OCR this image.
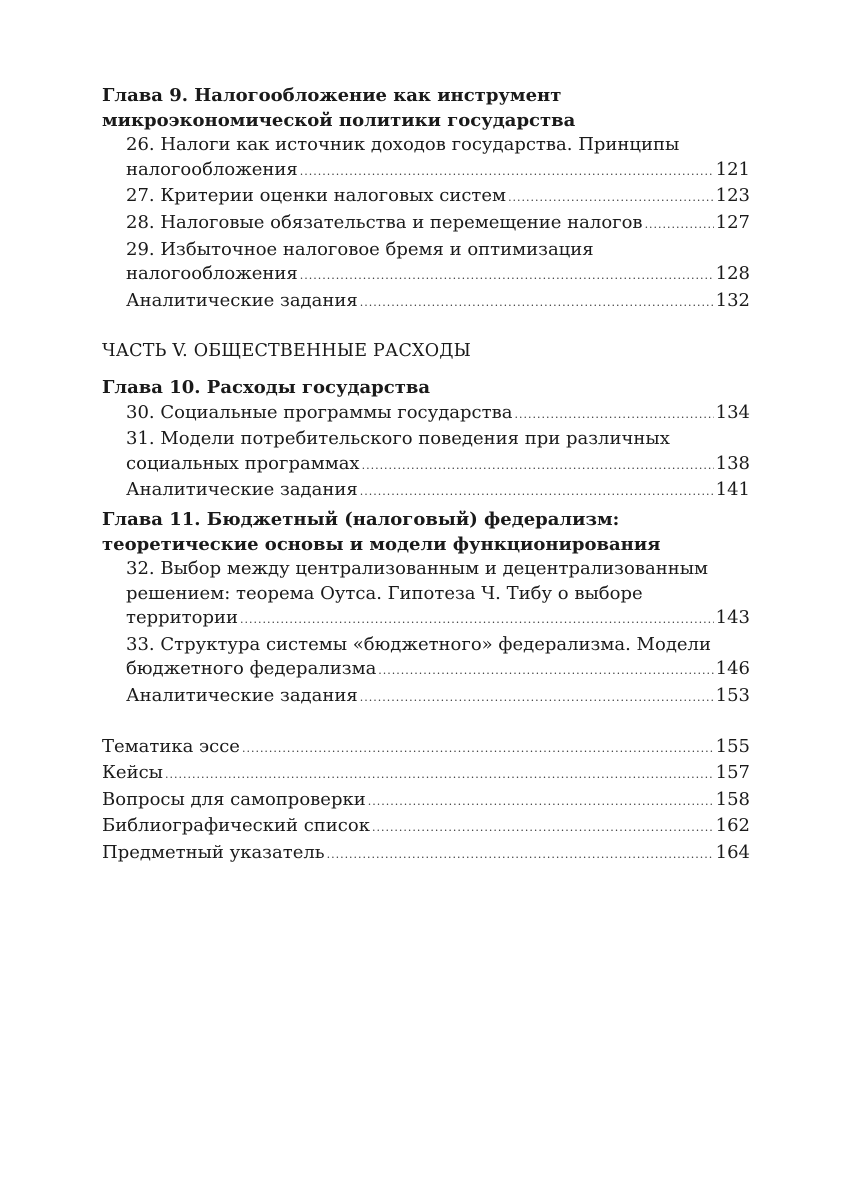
Глава 9. Налогообложение как инструмент микроэкономической политики государства

26. Налоги как источник доходов государства. Принципы
налогообложения .....	121
27. Критерии оценки налоговых систем .....	123
28. Налоговые обязательства и перемещение налогов .....	127
29. Избыточное налоговое бремя и оптимизация
налогообложения .....	128
Аналитические задания .....	132

ЧАСТЬ V. ОБЩЕСТВЕННЫЕ РАСХОДЫ

Глава 10. Расходы государства

30. Социальные программы государства .....	134
31. Модели потребительского поведения при различных
социальных программах .....	138
Аналитические задания .....	141

Глава 11. Бюджетный (налоговый) федерализм: теоретические основы и модели функционирования

32. Выбор между централизованным и децентрализованным
решением: теорема Оутса. Гипотеза Ч. Тибу о выборе
территории .....	143
33. Структура системы «бюджетного» федерализма. Модели
бюджетного федерализма .....	146
Аналитические задания .....	153
Тематика эссе .....	155
Кейсы .....	157
Вопросы для самопроверки .....	158
Библиографический список .....	162
Предметный указатель .....	164
